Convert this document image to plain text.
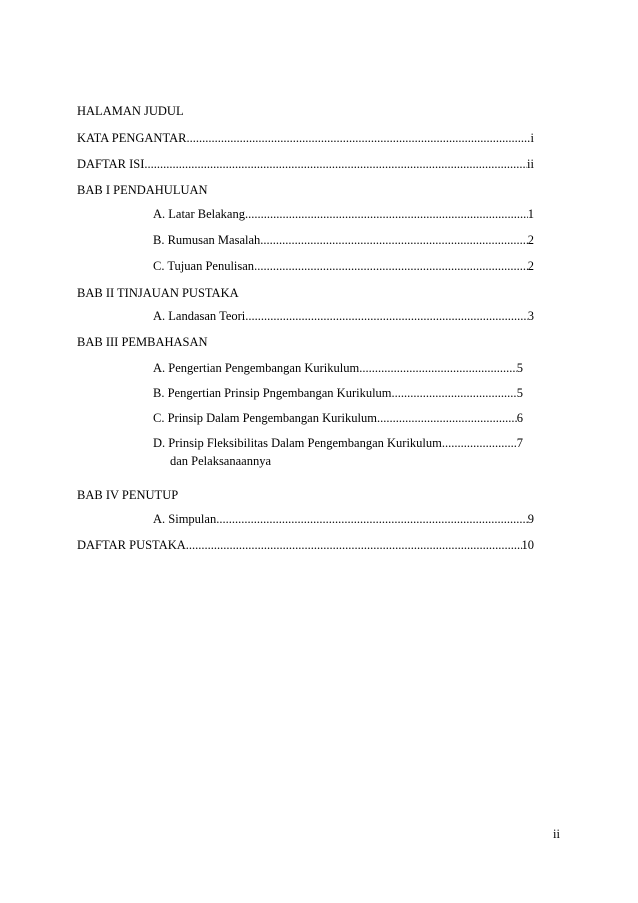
HALAMAN JUDUL
KATA PENGANTAR .....	i
DAFTAR ISI .....	ii
BAB I PENDAHULUAN
A. Latar Belakang .....	1
B. Rumusan Masalah .....	2
C. Tujuan Penulisan .....	2
BAB II TINJAUAN PUSTAKA
A. Landasan Teori .....	3
BAB III PEMBAHASAN
A. Pengertian Pengembangan Kurikulum .....	5
B. Pengertian Prinsip Pngembangan Kurikulum .....	5
C. Prinsip Dalam Pengembangan Kurikulum .....	6
D. Prinsip Fleksibilitas Dalam Pengembangan Kurikulum .....	7
dan Pelaksanaannya
BAB IV PENUTUP
A. Simpulan .....	9
DAFTAR PUSTAKA .....	10
ii
